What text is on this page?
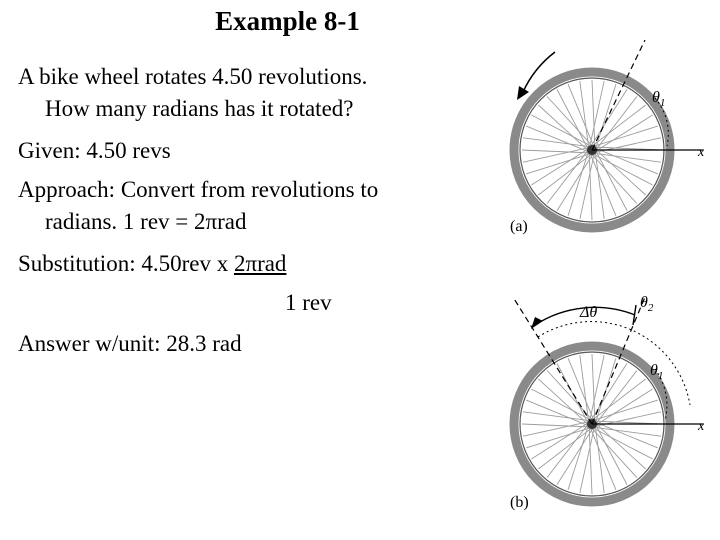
Example 8-1
A bike wheel rotates 4.50 revolutions.
How many radians has it rotated?
Given: 4.50 revs
Approach: Convert from revolutions to
radians. 1 rev = 2πrad
Substitution: 4.50rev x 2πrad
1 rev
Answer w/unit: 28.3 rad
$\theta_1$
x
(a)
Δθ
$\theta_2$
$\theta_1$
x
(b)
